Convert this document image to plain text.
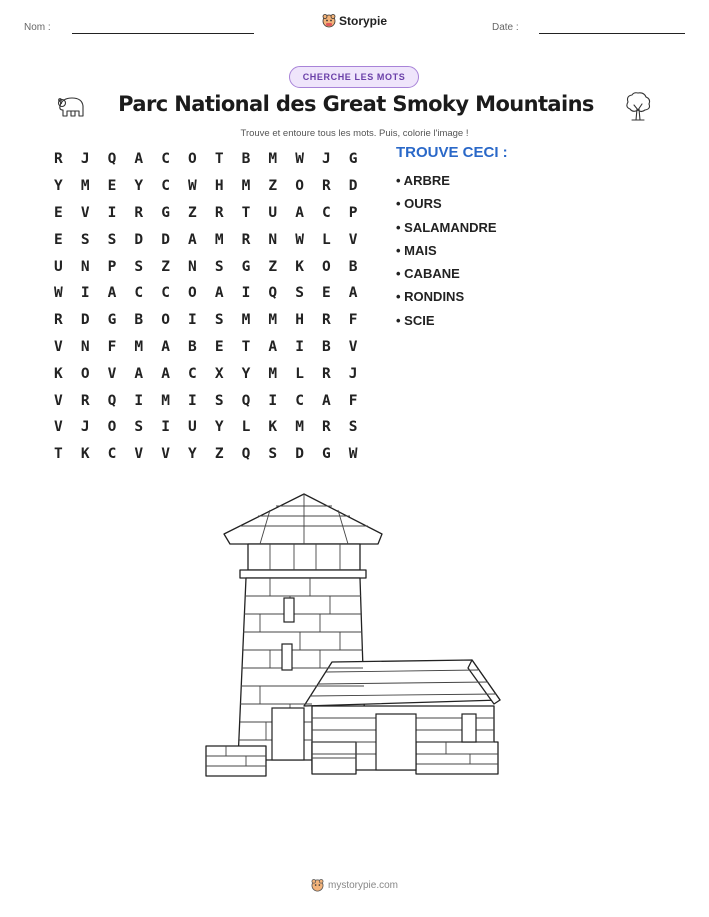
Nom :	Storypie	Date :
CHERCHE LES MOTS
Parc National des Great Smoky Mountains
Trouve et entoure tous les mots. Puis, colorie l'image !
R	J	Q	A	C	O	T	B	M	W	J	G
Y	M	E	Y	C	W	H	M	Z	O	R	D
E	V	I	R	G	Z	R	T	U	A	C	P
E	S	S	D	D	A	M	R	N	W	L	V
U	N	P	S	Z	N	S	G	Z	K	O	B
W	I	A	C	C	O	A	I	Q	S	E	A
R	D	G	B	O	I	S	M	M	H	R	F
V	N	F	M	A	B	E	T	A	I	B	V
K	O	V	A	A	C	X	Y	M	L	R	J
V	R	Q	I	M	I	S	Q	I	C	A	F
V	J	O	S	I	U	Y	L	K	M	R	S
T	K	C	V	V	Y	Z	Q	S	D	G	W
TROUVE CECI :
• ARBRE
• OURS
• SALAMANDRE
• MAIS
• CABANE
• RONDINS
• SCIE
mystorypie.com
